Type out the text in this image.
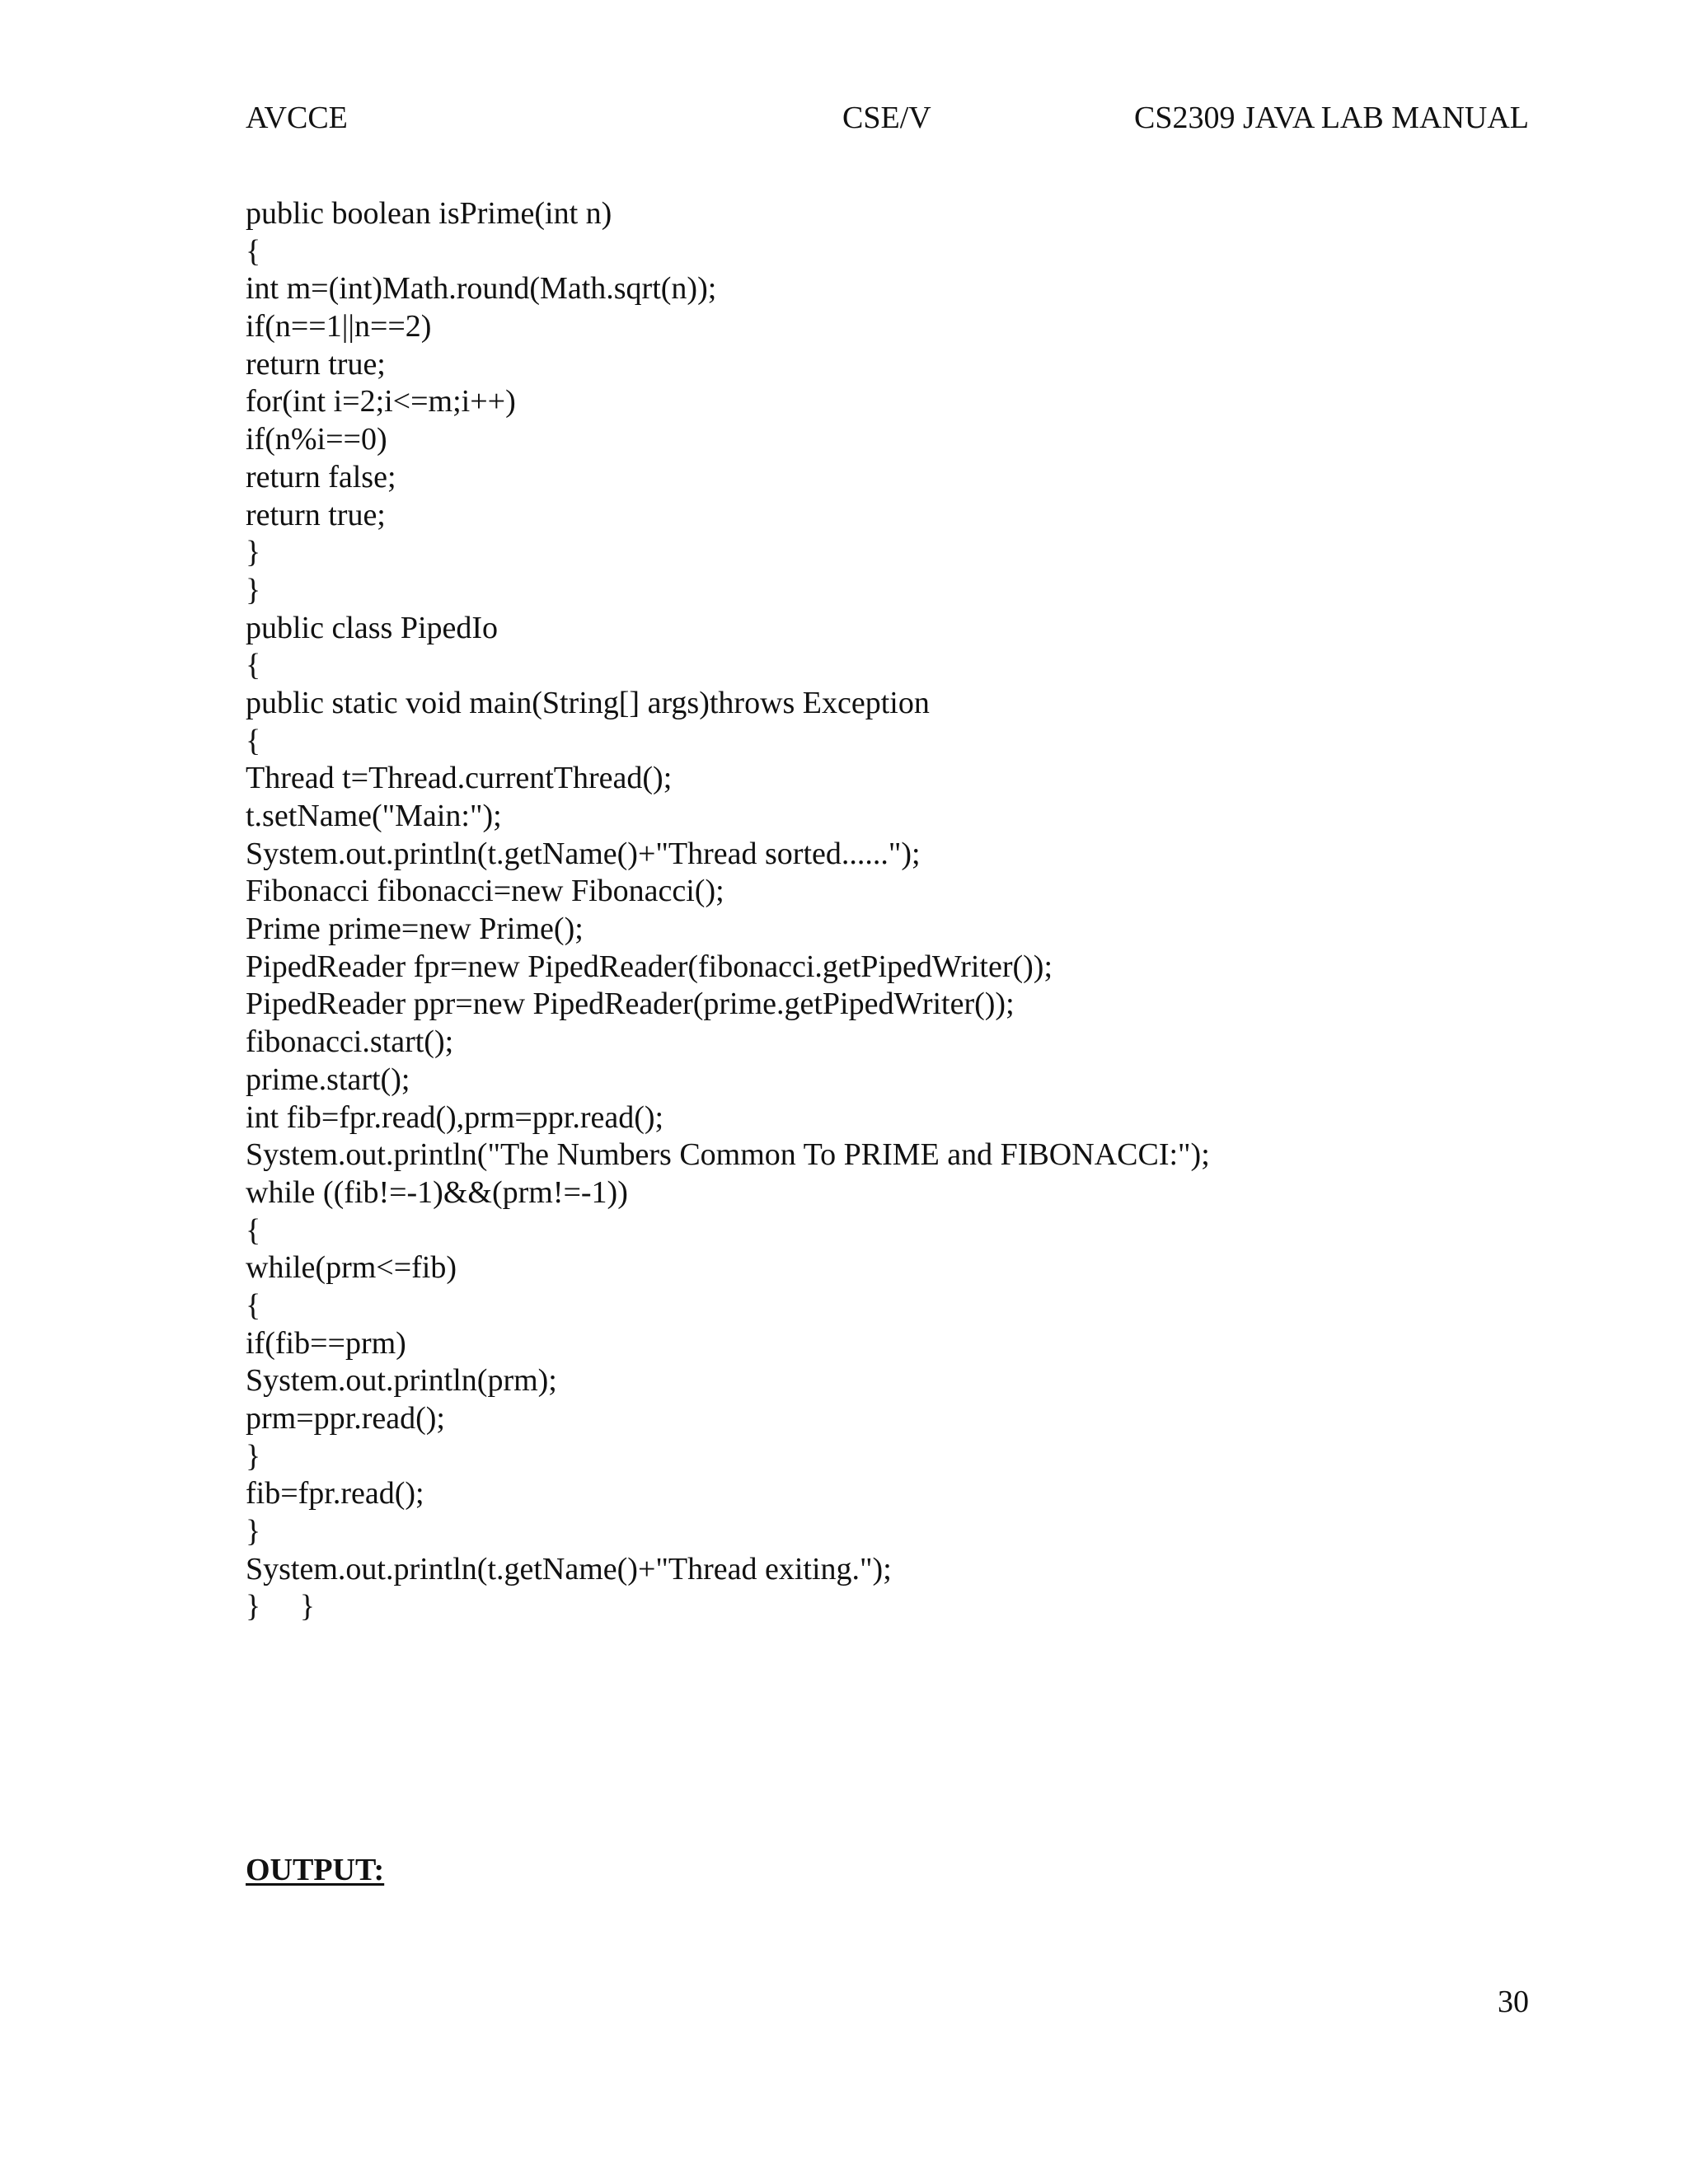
AVCCE	CSE/V	CS2309 JAVA LAB MANUAL
public boolean isPrime(int n)
{
int m=(int)Math.round(Math.sqrt(n));
if(n==1||n==2)
return true;
for(int i=2;i<=m;i++)
if(n%i==0)
return false;
return true;
}
}
public class PipedIo
{
public static void main(String[] args)throws Exception
{
Thread t=Thread.currentThread();
t.setName("Main:");
System.out.println(t.getName()+"Thread sorted......");
Fibonacci fibonacci=new Fibonacci();
Prime prime=new Prime();
PipedReader fpr=new PipedReader(fibonacci.getPipedWriter());
PipedReader ppr=new PipedReader(prime.getPipedWriter());
fibonacci.start();
prime.start();
int fib=fpr.read(),prm=ppr.read();
System.out.println("The Numbers Common To PRIME and FIBONACCI:");
while ((fib!=-1)&&(prm!=-1))
{
while(prm<=fib)
{
if(fib==prm)
System.out.println(prm);
prm=ppr.read();
}
fib=fpr.read();
}
System.out.println(t.getName()+"Thread exiting.");
}     }
OUTPUT:
30
